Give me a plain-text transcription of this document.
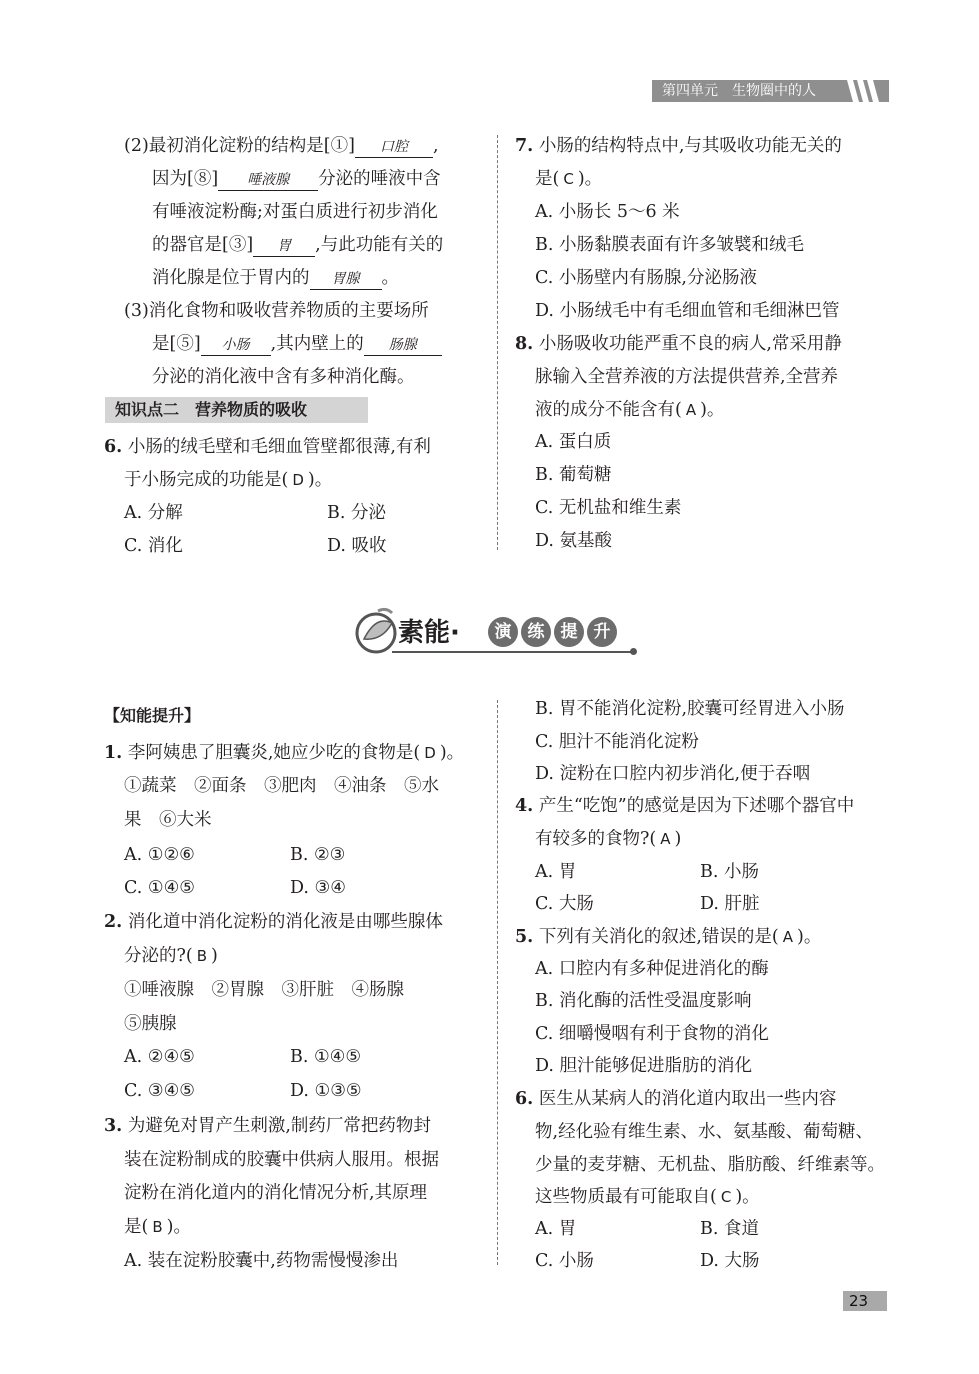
第四单元　生物圈中的人
(2)最初消化淀粉的结构是[①] 口腔 ,
因为[⑧] 唾液腺 分泌的唾液中含
有唾液淀粉酶;对蛋白质进行初步消化
的器官是[③] 胃 ,与此功能有关的
消化腺是位于胃内的 胃腺 。
(3)消化食物和吸收营养物质的主要场所
是[⑤] 小肠 ,其内壁上的 肠腺
分泌的消化液中含有多种消化酶。
知识点二　营养物质的吸收
6. 小肠的绒毛壁和毛细血管壁都很薄,有利
于小肠完成的功能是( D )。
A. 分解	B. 分泌
C. 消化	D. 吸收
7. 小肠的结构特点中,与其吸收功能无关的
是( C )。
A. 小肠长 5～6 米
B. 小肠黏膜表面有许多皱襞和绒毛
C. 小肠壁内有肠腺,分泌肠液
D. 小肠绒毛中有毛细血管和毛细淋巴管
8. 小肠吸收功能严重不良的病人,常采用静
脉输入全营养液的方法提供营养,全营养
液的成分不能含有( A )。
A. 蛋白质
B. 葡萄糖
C. 无机盐和维生素
D. 氨基酸
素能·	演 练 提 升
【知能提升】
1. 李阿姨患了胆囊炎,她应少吃的食物是( D )。
①蔬菜　②面条　③肥肉　④油条　⑤水
果　⑥大米
A. ①②⑥	B. ②③
C. ①④⑤	D. ③④
2. 消化道中消化淀粉的消化液是由哪些腺体
分泌的?( B )
①唾液腺　②胃腺　③肝脏　④肠腺
⑤胰腺
A. ②④⑤	B. ①④⑤
C. ③④⑤	D. ①③⑤
3. 为避免对胃产生刺激,制药厂常把药物封
装在淀粉制成的胶囊中供病人服用。根据
淀粉在消化道内的消化情况分析,其原理
是( B )。
A. 装在淀粉胶囊中,药物需慢慢渗出
B. 胃不能消化淀粉,胶囊可经胃进入小肠
C. 胆汁不能消化淀粉
D. 淀粉在口腔内初步消化,便于吞咽
4. 产生“吃饱”的感觉是因为下述哪个器官中
有较多的食物?( A )
A. 胃	B. 小肠
C. 大肠	D. 肝脏
5. 下列有关消化的叙述,错误的是( A )。
A. 口腔内有多种促进消化的酶
B. 消化酶的活性受温度影响
C. 细嚼慢咽有利于食物的消化
D. 胆汁能够促进脂肪的消化
6. 医生从某病人的消化道内取出一些内容
物,经化验有维生素、水、氨基酸、葡萄糖、
少量的麦芽糖、无机盐、脂肪酸、纤维素等。
这些物质最有可能取自( C )。
A. 胃	B. 食道
C. 小肠	D. 大肠
23
